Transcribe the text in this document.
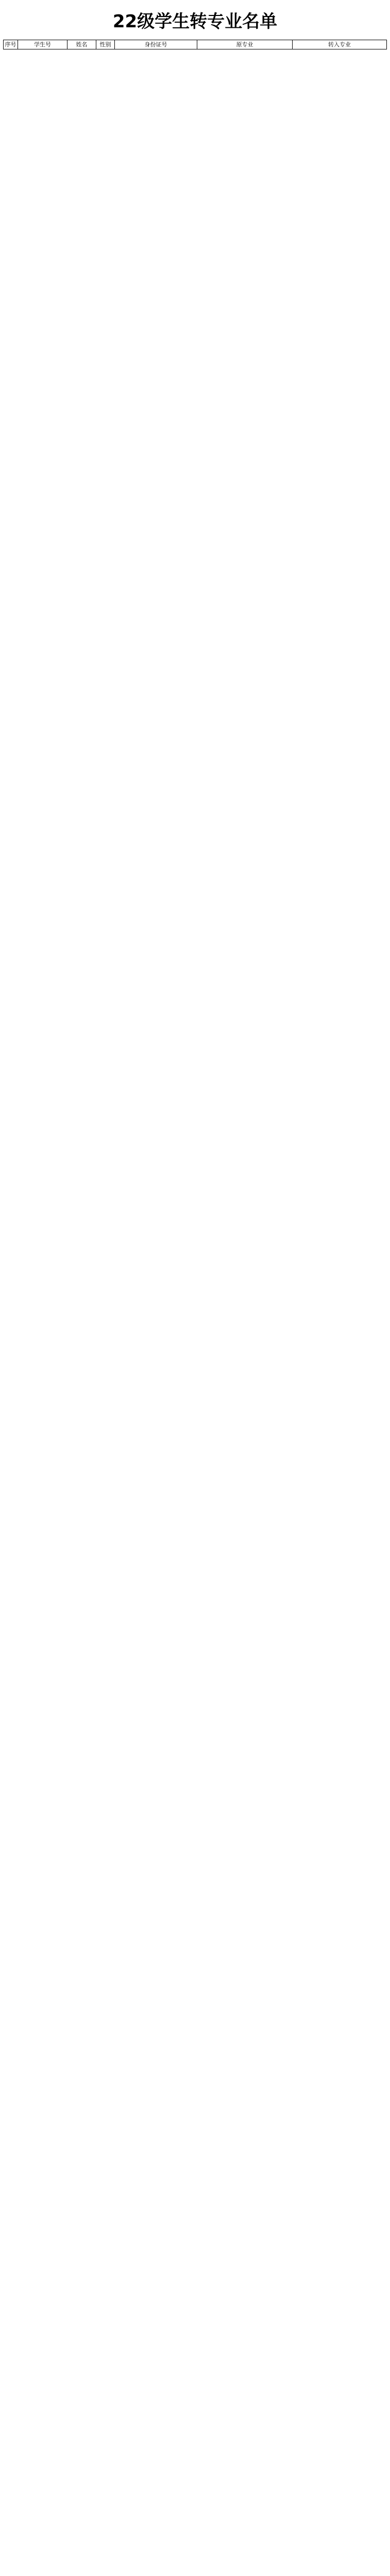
22级学生转专业名单
序号	学生号	姓名	性别	身份证号	原专业	转入专业
